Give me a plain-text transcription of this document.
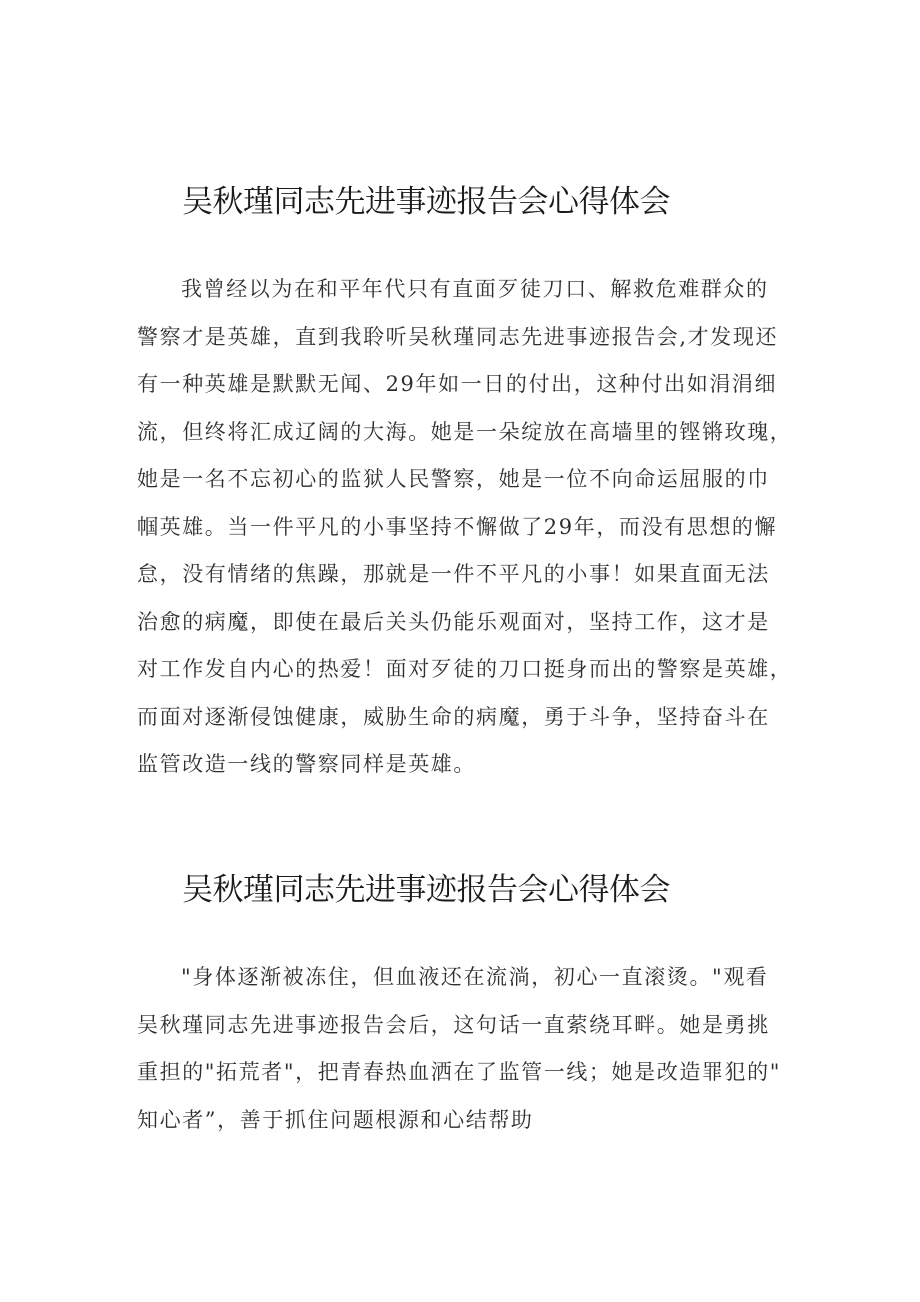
吴秋瑾同志先进事迹报告会心得体会
我曾经以为在和平年代只有直面歹徒刀口、解救危难群众的
警察才是英雄，直到我聆听吴秋瑾同志先进事迹报告会,才发现还
有一种英雄是默默无闻、29年如一日的付出，这种付出如涓涓细
流，但终将汇成辽阔的大海。她是一朵绽放在高墙里的铿锵玫瑰，
她是一名不忘初心的监狱人民警察，她是一位不向命运屈服的巾
帼英雄。当一件平凡的小事坚持不懈做了29年，而没有思想的懈
怠，没有情绪的焦躁，那就是一件不平凡的小事！如果直面无法
治愈的病魔，即使在最后关头仍能乐观面对，坚持工作，这才是
对工作发自内心的热爱！面对歹徒的刀口挺身而出的警察是英雄，
而面对逐渐侵蚀健康，威胁生命的病魔，勇于斗争，坚持奋斗在
监管改造一线的警察同样是英雄。
吴秋瑾同志先进事迹报告会心得体会
"身体逐渐被冻住，但血液还在流淌，初心一直滚烫。"观看
吴秋瑾同志先进事迹报告会后，这句话一直萦绕耳畔。她是勇挑
重担的"拓荒者"，把青春热血洒在了监管一线；她是改造罪犯的"
知心者”，善于抓住问题根源和心结帮助
